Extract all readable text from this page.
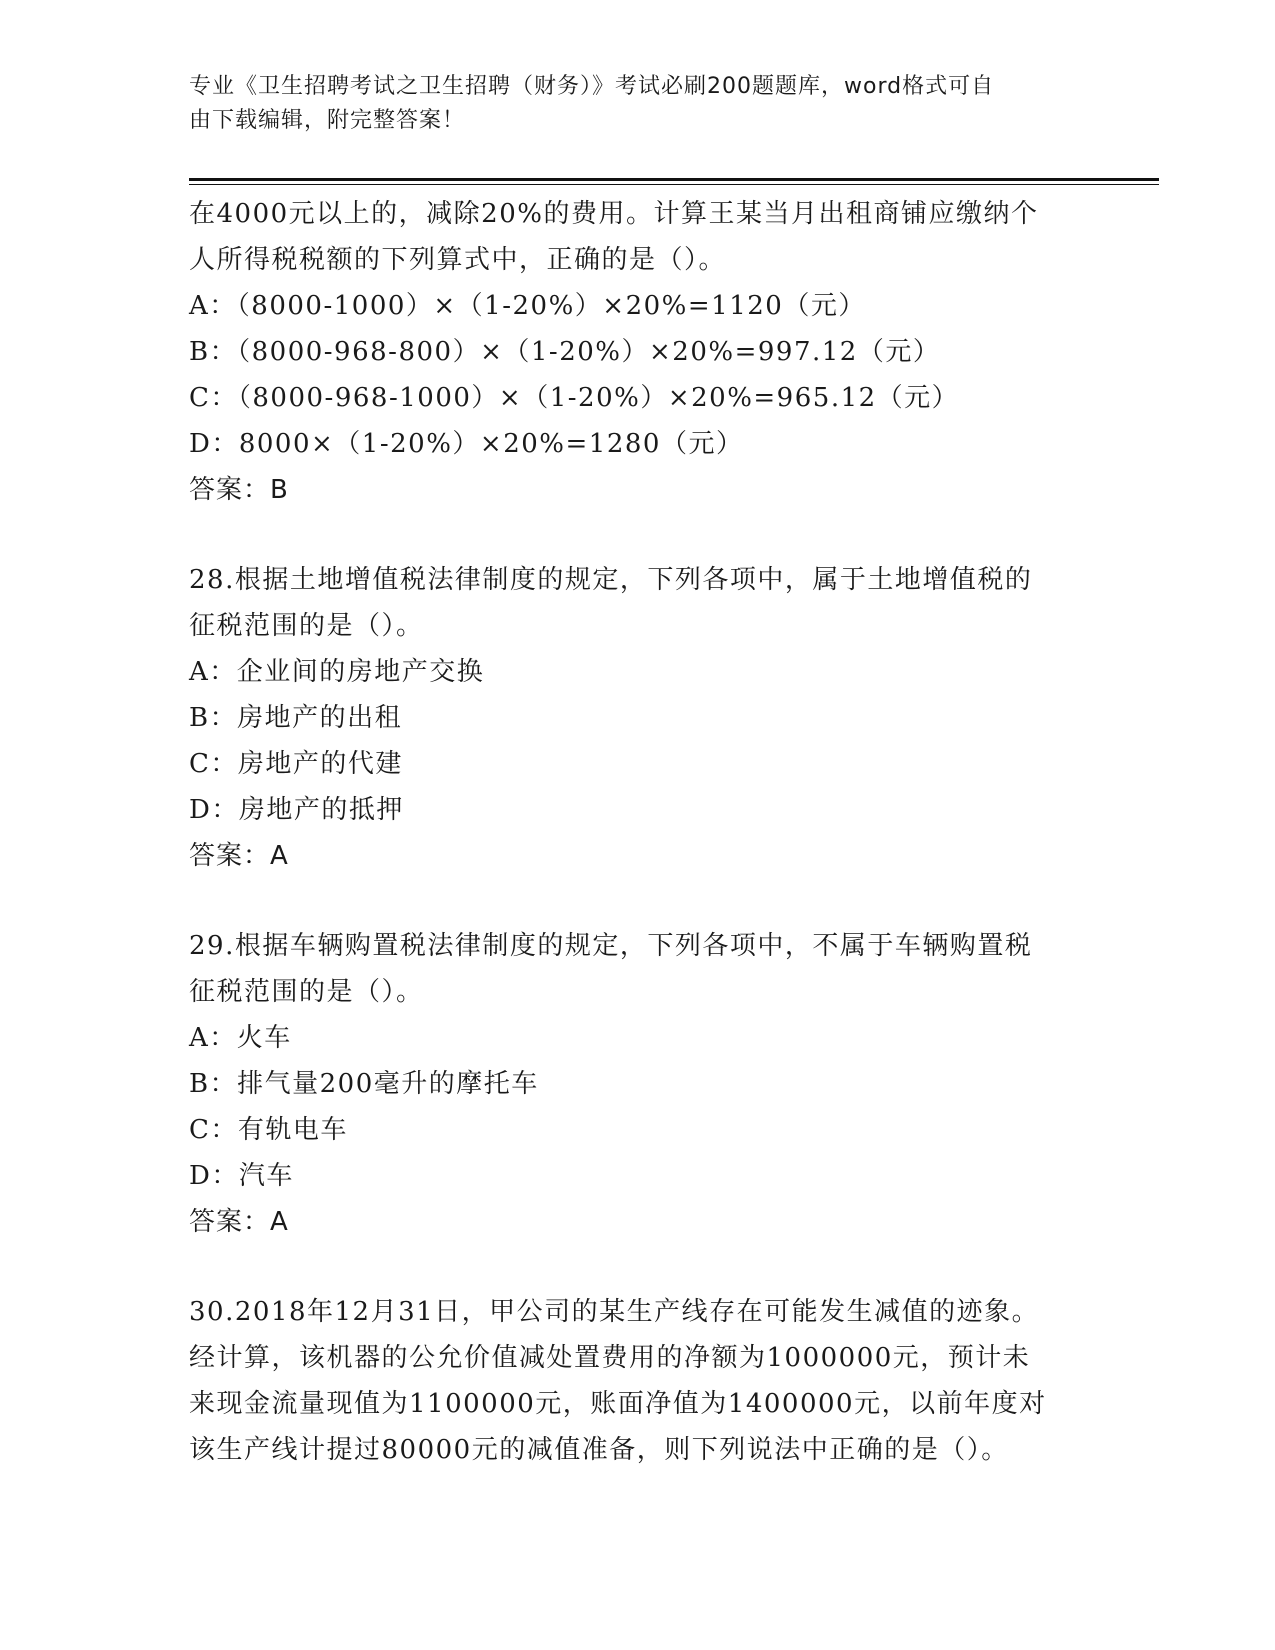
专业《卫生招聘考试之卫生招聘（财务）》考试必刷200题题库，word格式可自
由下载编辑，附完整答案！
在4000元以上的，减除20%的费用。计算王某当月出租商铺应缴纳个
人所得税税额的下列算式中，正确的是（）。
A：（8000-1000）×（1-20%）×20%=1120（元）
B：（8000-968-800）×（1-20%）×20%=997.12（元）
C：（8000-968-1000）×（1-20%）×20%=965.12（元）
D：8000×（1-20%）×20%=1280（元）
答案：B
28.根据土地增值税法律制度的规定，下列各项中，属于土地增值税的
征税范围的是（）。
A：企业间的房地产交换
B：房地产的出租
C：房地产的代建
D：房地产的抵押
答案：A
29.根据车辆购置税法律制度的规定，下列各项中，不属于车辆购置税
征税范围的是（）。
A：火车
B：排气量200毫升的摩托车
C：有轨电车
D：汽车
答案：A
30.2018年12月31日，甲公司的某生产线存在可能发生减值的迹象。
经计算，该机器的公允价值减处置费用的净额为1000000元，预计未
来现金流量现值为1100000元，账面净值为1400000元，以前年度对
该生产线计提过80000元的减值准备，则下列说法中正确的是（）。
